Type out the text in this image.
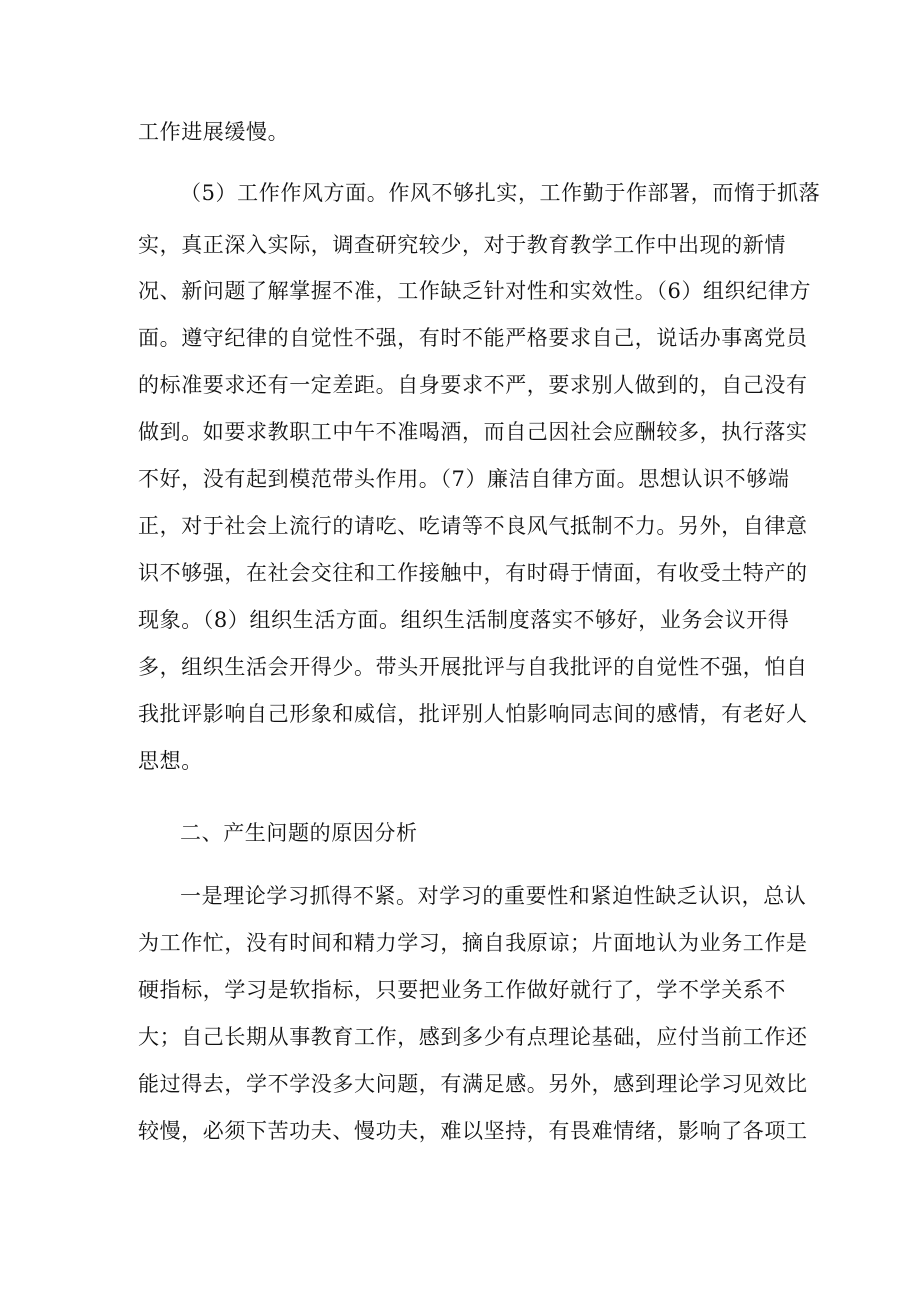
工作进展缓慢。
（5）工作作风方面。作风不够扎实，工作勤于作部署，而惰于抓落
实，真正深入实际，调查研究较少，对于教育教学工作中出现的新情
况、新问题了解掌握不准，工作缺乏针对性和实效性。（6）组织纪律方
面。遵守纪律的自觉性不强，有时不能严格要求自己，说话办事离党员
的标准要求还有一定差距。自身要求不严，要求别人做到的，自己没有
做到。如要求教职工中午不准喝酒，而自己因社会应酬较多，执行落实
不好，没有起到模范带头作用。（7）廉洁自律方面。思想认识不够端
正，对于社会上流行的请吃、吃请等不良风气抵制不力。另外，自律意
识不够强，在社会交往和工作接触中，有时碍于情面，有收受土特产的
现象。（8）组织生活方面。组织生活制度落实不够好，业务会议开得
多，组织生活会开得少。带头开展批评与自我批评的自觉性不强，怕自
我批评影响自己形象和威信，批评别人怕影响同志间的感情，有老好人
思想。
二、产生问题的原因分析
一是理论学习抓得不紧。对学习的重要性和紧迫性缺乏认识，总认
为工作忙，没有时间和精力学习，摘自我原谅；片面地认为业务工作是
硬指标，学习是软指标，只要把业务工作做好就行了，学不学关系不
大；自己长期从事教育工作，感到多少有点理论基础，应付当前工作还
能过得去，学不学没多大问题，有满足感。另外，感到理论学习见效比
较慢，必须下苦功夫、慢功夫，难以坚持，有畏难情绪，影响了各项工
